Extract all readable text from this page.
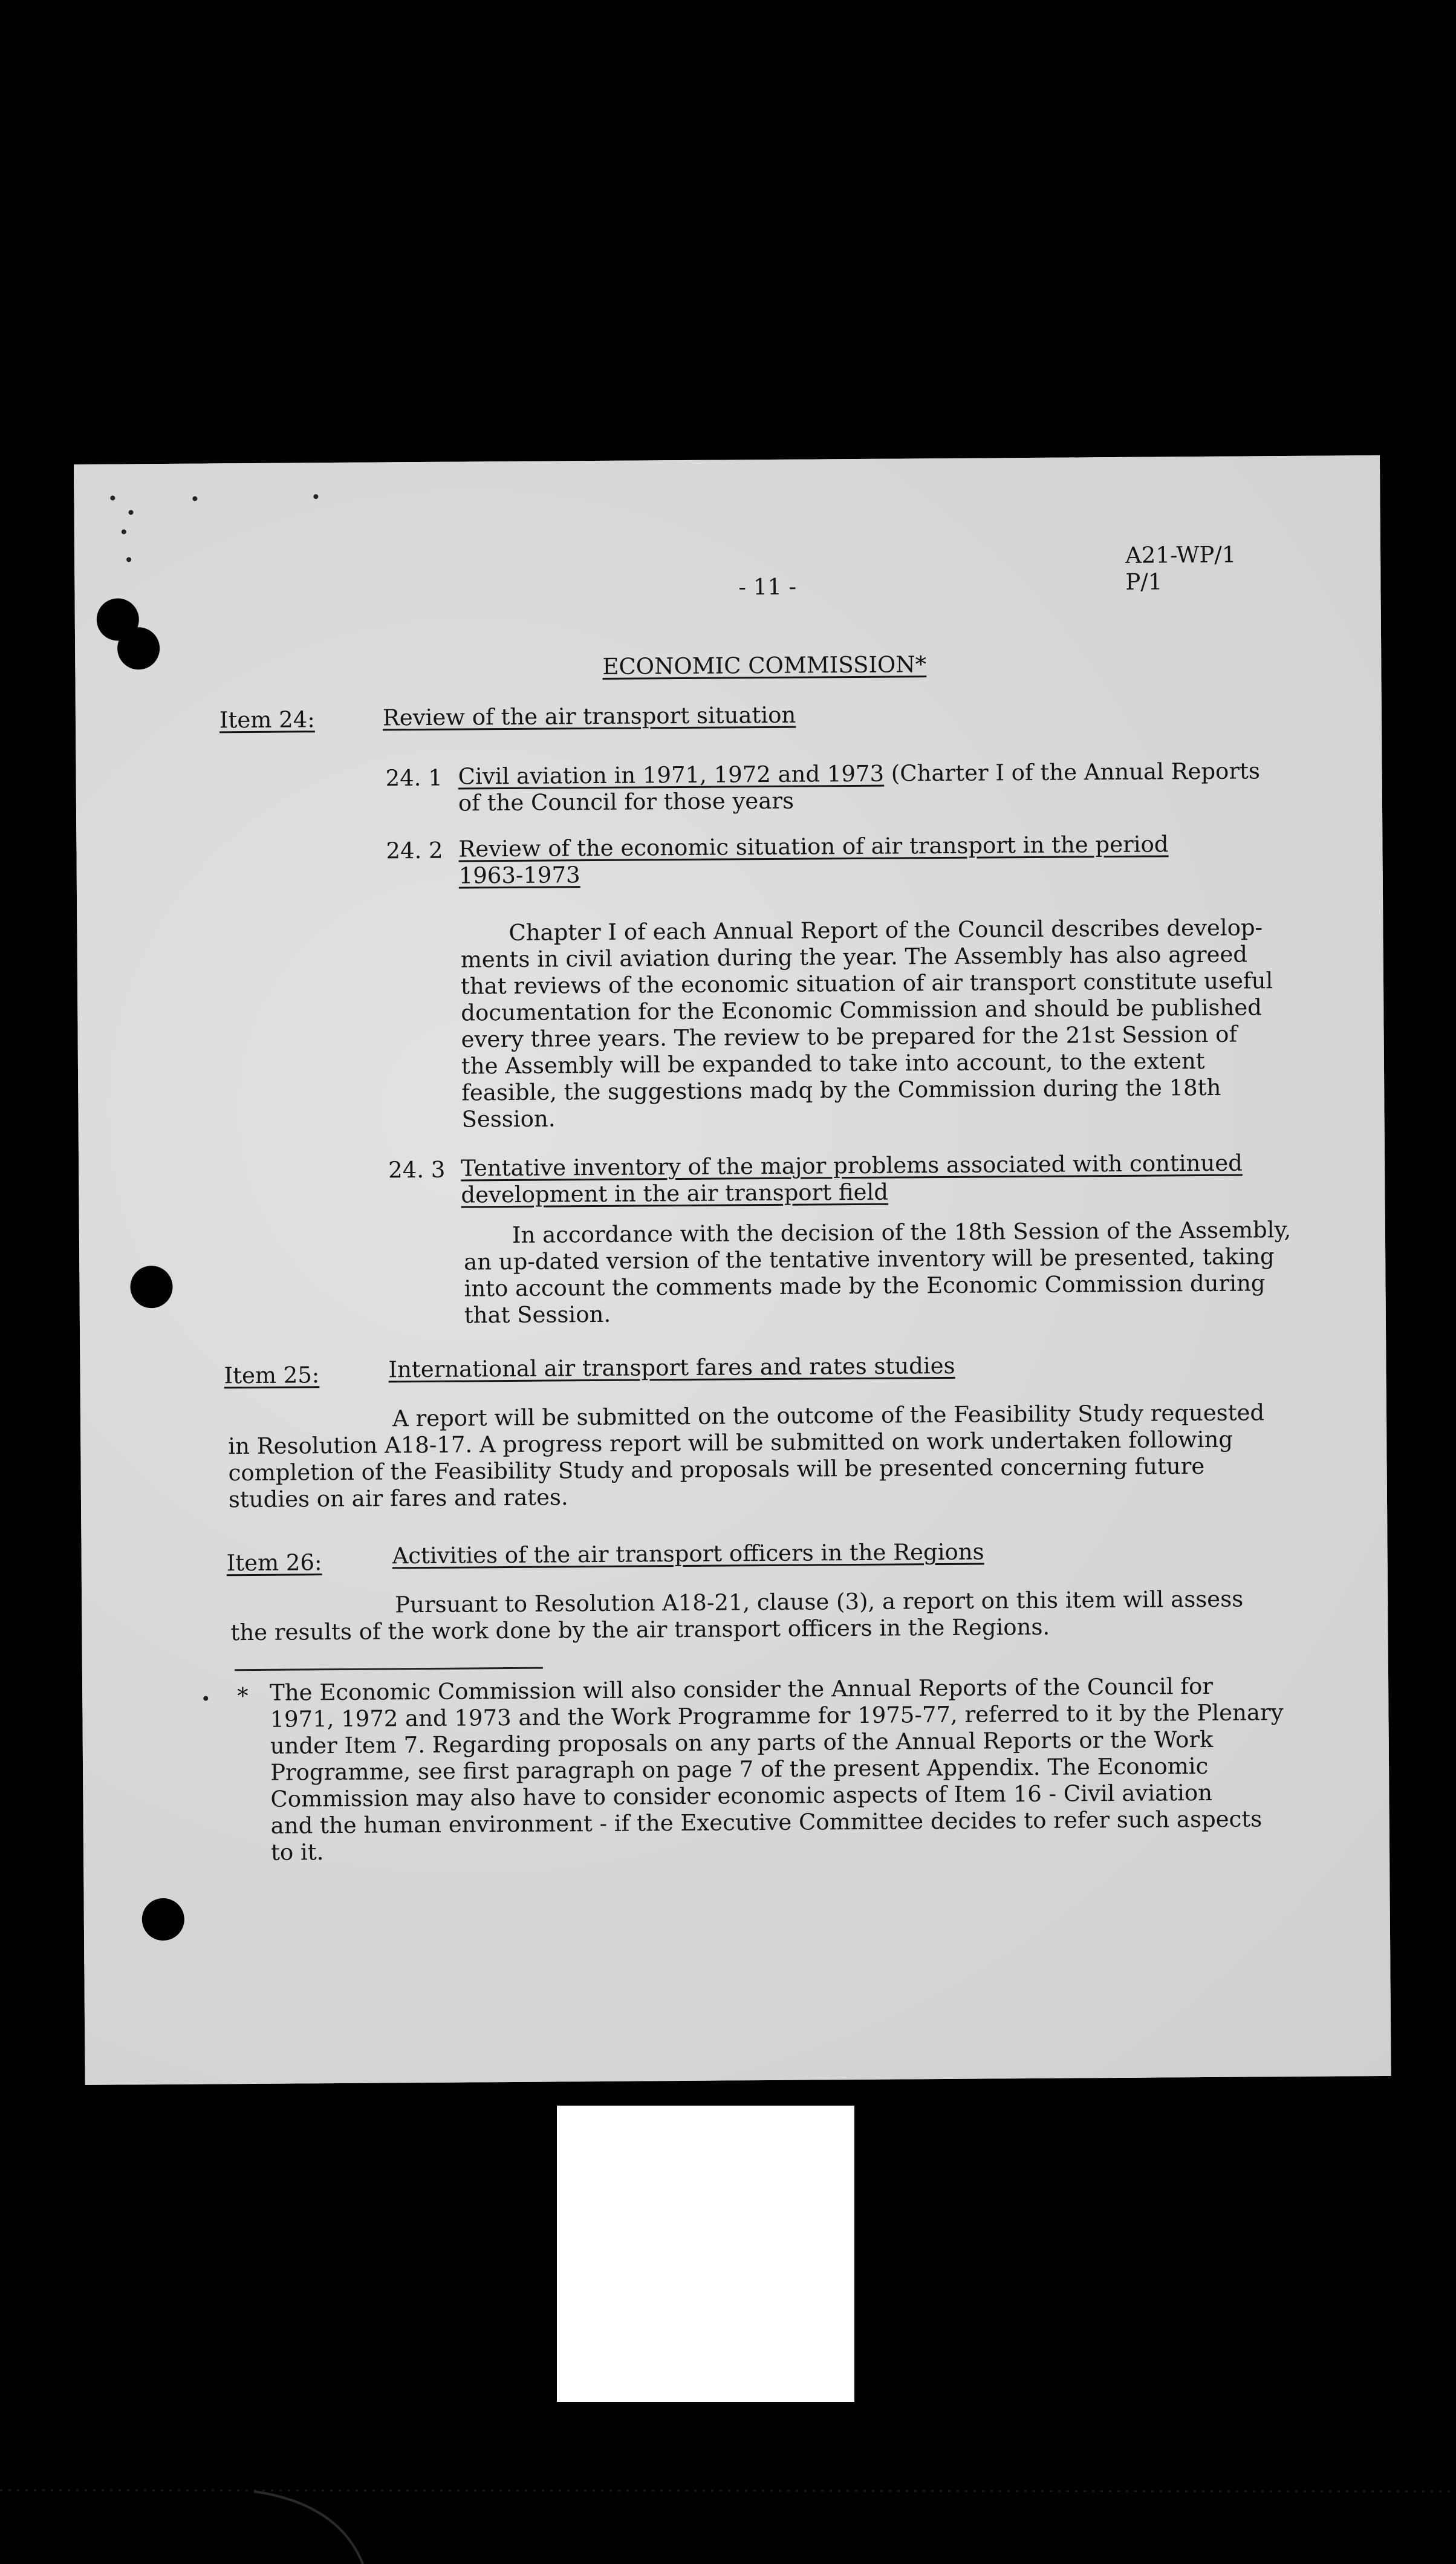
- 11 -
A21-WP/1
P/1
ECONOMIC COMMISSION*
Item 24:	Review of the air transport situation
24. 1 Civil aviation in 1971, 1972 and 1973 (Charter I of the Annual Reports
of the Council for those years
24. 2 Review of the economic situation of air transport in the period
1963-1973
Chapter I of each Annual Report of the Council describes develop-
ments in civil aviation during the year. The Assembly has also agreed
that reviews of the economic situation of air transport constitute useful
documentation for the Economic Commission and should be published
every three years. The review to be prepared for the 21st Session of
the Assembly will be expanded to take into account, to the extent
feasible, the suggestions madq by the Commission during the 18th
Session.
24. 3 Tentative inventory of the major problems associated with continued
development in the air transport field
In accordance with the decision of the 18th Session of the Assembly,
an up-dated version of the tentative inventory will be presented, taking
into account the comments made by the Economic Commission during
that Session.
Item 25:	International air transport fares and rates studies
A report will be submitted on the outcome of the Feasibility Study requested
in Resolution A18-17. A progress report will be submitted on work undertaken following
completion of the Feasibility Study and proposals will be presented concerning future
studies on air fares and rates.
Item 26:	Activities of the air transport officers in the Regions
Pursuant to Resolution A18-21, clause (3), a report on this item will assess
the results of the work done by the air transport officers in the Regions.
* The Economic Commission will also consider the Annual Reports of the Council for
1971, 1972 and 1973 and the Work Programme for 1975-77, referred to it by the Plenary
under Item 7. Regarding proposals on any parts of the Annual Reports or the Work
Programme, see first paragraph on page 7 of the present Appendix. The Economic
Commission may also have to consider economic aspects of Item 16 - Civil aviation
and the human environment - if the Executive Committee decides to refer such aspects
to it.
